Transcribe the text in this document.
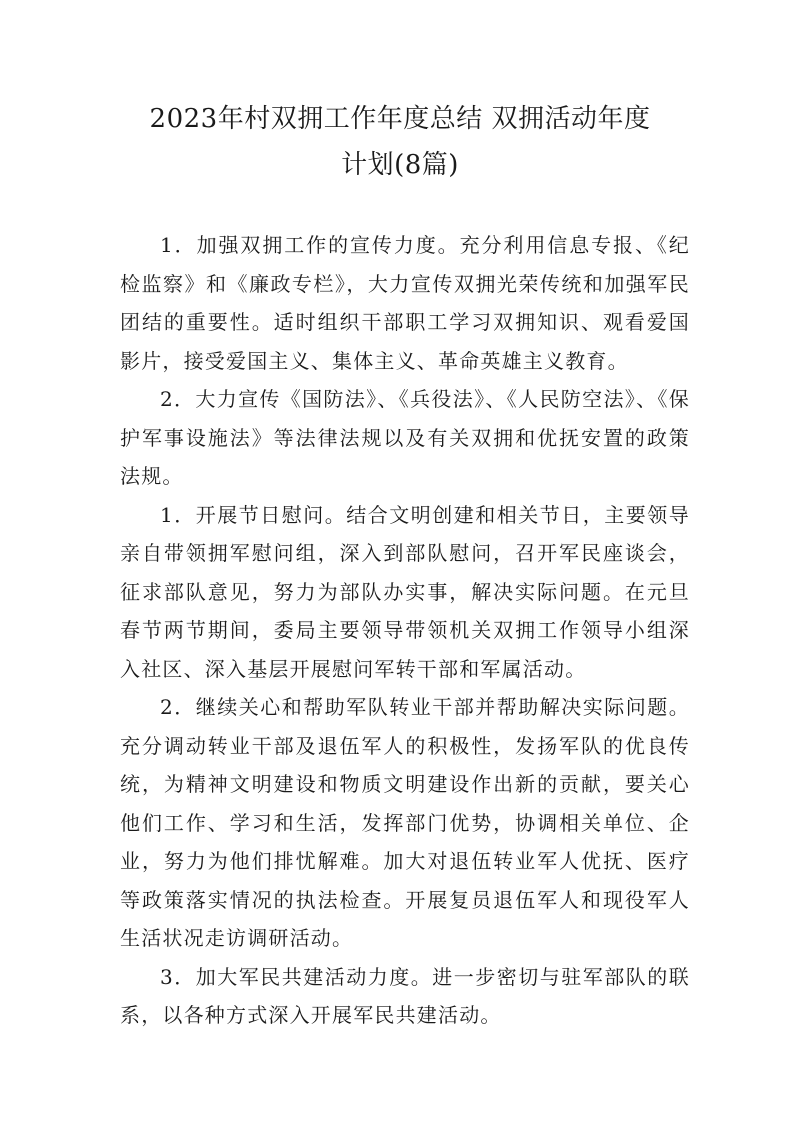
2023年村双拥工作年度总结 双拥活动年度
计划(8篇)

1．加强双拥工作的宣传力度。充分利用信息专报、《纪检监察》和《廉政专栏》，大力宣传双拥光荣传统和加强军民团结的重要性。适时组织干部职工学习双拥知识、观看爱国影片，接受爱国主义、集体主义、革命英雄主义教育。

2．大力宣传《国防法》、《兵役法》、《人民防空法》、《保护军事设施法》等法律法规以及有关双拥和优抚安置的政策法规。

1．开展节日慰问。结合文明创建和相关节日，主要领导亲自带领拥军慰问组，深入到部队慰问，召开军民座谈会，征求部队意见，努力为部队办实事，解决实际问题。在元旦春节两节期间，委局主要领导带领机关双拥工作领导小组深入社区、深入基层开展慰问军转干部和军属活动。

2．继续关心和帮助军队转业干部并帮助解决实际问题。充分调动转业干部及退伍军人的积极性，发扬军队的优良传统，为精神文明建设和物质文明建设作出新的贡献，要关心他们工作、学习和生活，发挥部门优势，协调相关单位、企业，努力为他们排忧解难。加大对退伍转业军人优抚、医疗等政策落实情况的执法检查。开展复员退伍军人和现役军人生活状况走访调研活动。

3．加大军民共建活动力度。进一步密切与驻军部队的联系，以各种方式深入开展军民共建活动。
